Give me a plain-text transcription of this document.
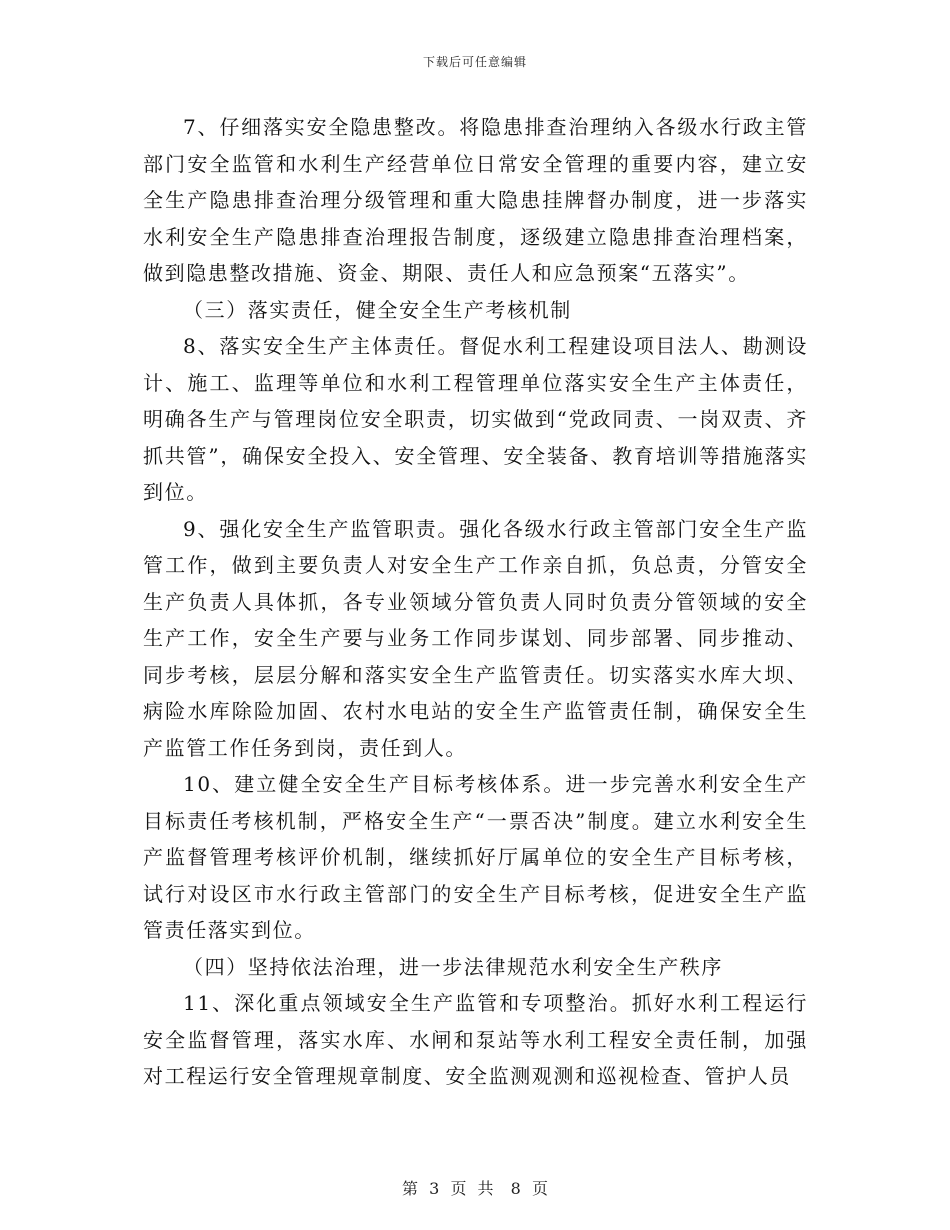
下载后可任意编辑

7、仔细落实安全隐患整改。将隐患排查治理纳入各级水行政主管部门安全监管和水利生产经营单位日常安全管理的重要内容，建立安全生产隐患排查治理分级管理和重大隐患挂牌督办制度，进一步落实水利安全生产隐患排查治理报告制度，逐级建立隐患排查治理档案，做到隐患整改措施、资金、期限、责任人和应急预案“五落实”。

（三）落实责任，健全安全生产考核机制

8、落实安全生产主体责任。督促水利工程建设项目法人、勘测设计、施工、监理等单位和水利工程管理单位落实安全生产主体责任，明确各生产与管理岗位安全职责，切实做到“党政同责、一岗双责、齐抓共管”，确保安全投入、安全管理、安全装备、教育培训等措施落实到位。

9、强化安全生产监管职责。强化各级水行政主管部门安全生产监管工作，做到主要负责人对安全生产工作亲自抓，负总责，分管安全生产负责人具体抓，各专业领域分管负责人同时负责分管领域的安全生产工作，安全生产要与业务工作同步谋划、同步部署、同步推动、同步考核，层层分解和落实安全生产监管责任。切实落实水库大坝、病险水库除险加固、农村水电站的安全生产监管责任制，确保安全生产监管工作任务到岗，责任到人。

10、建立健全安全生产目标考核体系。进一步完善水利安全生产目标责任考核机制，严格安全生产“一票否决”制度。建立水利安全生产监督管理考核评价机制，继续抓好厅属单位的安全生产目标考核，试行对设区市水行政主管部门的安全生产目标考核，促进安全生产监管责任落实到位。

（四）坚持依法治理，进一步法律规范水利安全生产秩序

11、深化重点领域安全生产监管和专项整治。抓好水利工程运行安全监督管理，落实水库、水闸和泵站等水利工程安全责任制，加强对工程运行安全管理规章制度、安全监测观测和巡视检查、管护人员

第 3 页 共 8 页
